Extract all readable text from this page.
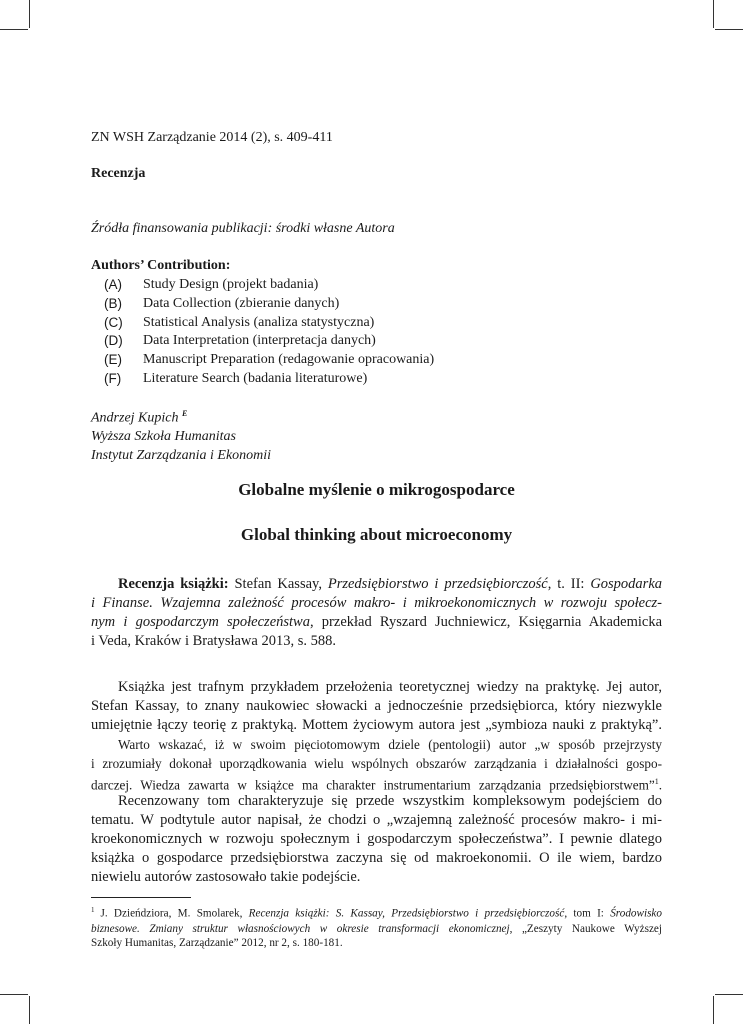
ZN WSH Zarządzanie 2014 (2), s. 409-411
Recenzja
Źródła finansowania publikacji: środki własne Autora
Authors’ Contribution:
(A)	Study Design (projekt badania)
(B)	Data Collection (zbieranie danych)
(C)	Statistical Analysis (analiza statystyczna)
(D)	Data Interpretation (interpretacja danych)
(E)	Manuscript Preparation (redagowanie opracowania)
(F)	Literature Search (badania literaturowe)
Andrzej Kupich $^E$
Wyższa Szkoła Humanitas
Instytut Zarządzania i Ekonomii
Globalne myślenie o mikrogospodarce
Global thinking about microeconomy
Recenzja książki: Stefan Kassay, Przedsiębiorstwo i przedsiębiorczość, t. II: Gospodarka
i Finanse. Wzajemna zależność procesów makro- i mikroekonomicznych w rozwoju społecz-
nym i gospodarczym społeczeństwa, przekład Ryszard Juchniewicz, Księgarnia Akademicka
i Veda, Kraków i Bratysława 2013, s. 588.
Książka jest trafnym przykładem przełożenia teoretycznej wiedzy na praktykę. Jej autor,
Stefan Kassay, to znany naukowiec słowacki a jednocześnie przedsiębiorca, który niezwykle
umiejętnie łączy teorię z praktyką. Mottem życiowym autora jest „symbioza nauki z praktyką”.
Warto wskazać, iż w swoim pięciotomowym dziele (pentologii) autor „w sposób przejrzysty
i zrozumiały dokonał uporządkowania wielu wspólnych obszarów zarządzania i działalności gospo-
darczej. Wiedza zawarta w książce ma charakter instrumentarium zarządzania przedsiębiorstwem”$^1$.
Recenzowany tom charakteryzuje się przede wszystkim kompleksowym podejściem do
tematu. W podtytule autor napisał, że chodzi o „wzajemną zależność procesów makro- i mi-
kroekonomicznych w rozwoju społecznym i gospodarczym społeczeństwa”. I pewnie dlatego
książka o gospodarce przedsiębiorstwa zaczyna się od makroekonomii. O ile wiem, bardzo
niewielu autorów zastosowało takie podejście.
$^1$ J. Dzieńdziora, M. Smolarek, Recenzja książki: S. Kassay, Przedsiębiorstwo i przedsiębiorczość, tom I: Środowisko
biznesowe. Zmiany struktur własnościowych w okresie transformacji ekonomicznej, „Zeszyty Naukowe Wyższej
Szkoły Humanitas, Zarządzanie” 2012, nr 2, s. 180-181.
